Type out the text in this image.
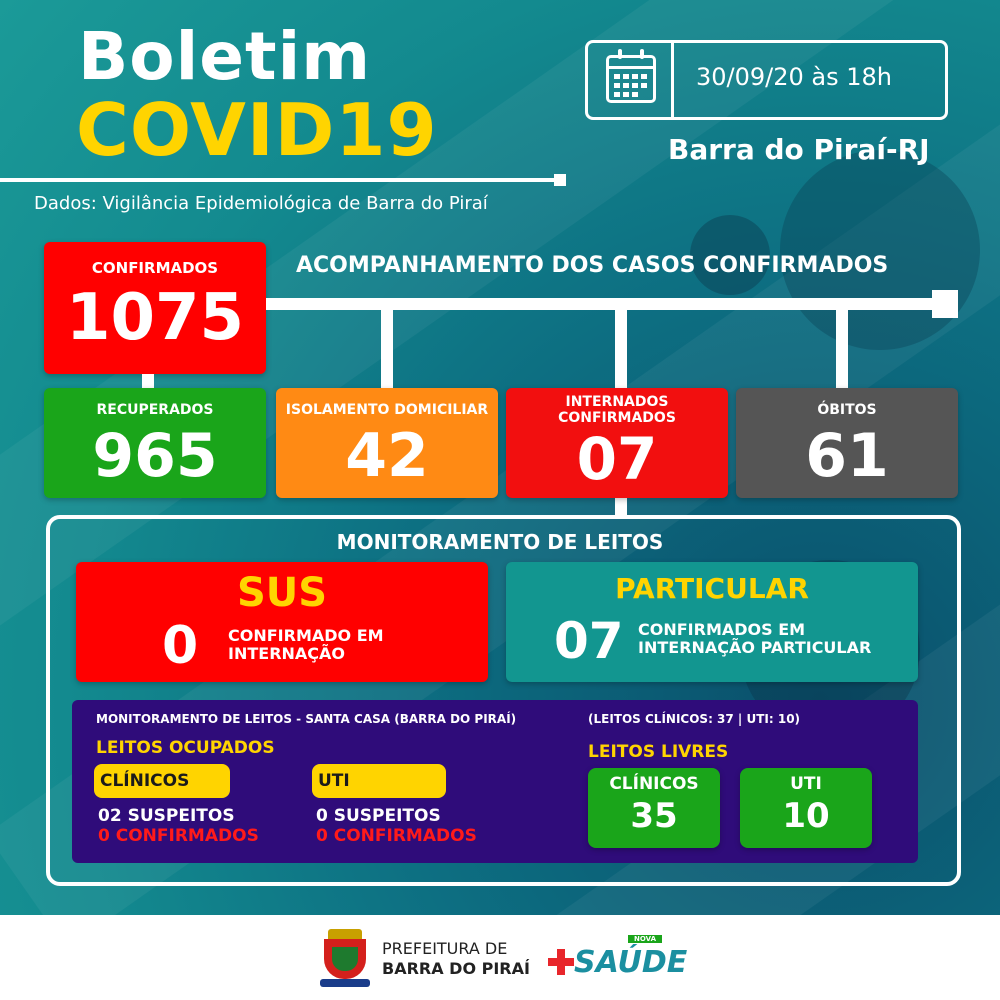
Boletim
COVID19
Dados: Vigilância Epidemiológica de Barra do Piraí
30/09/20 às 18h
Barra do Piraí-RJ
CONFIRMADOS
1075
ACOMPANHAMENTO DOS CASOS CONFIRMADOS
RECUPERADOS
965
ISOLAMENTO DOMICILIAR
42
INTERNADOS
CONFIRMADOS
07
ÓBITOS
61
MONITORAMENTO DE LEITOS
SUS
0 CONFIRMADO EM
INTERNAÇÃO
PARTICULAR
07 CONFIRMADOS EM
INTERNAÇÃO PARTICULAR
MONITORAMENTO DE LEITOS - SANTA CASA (BARRA DO PIRAÍ)	(LEITOS CLÍNICOS: 37 | UTI: 10)
LEITOS OCUPADOS
CLÍNICOS
02 SUSPEITOS
0 CONFIRMADOS
UTI
0 SUSPEITOS
0 CONFIRMADOS
LEITOS LIVRES
CLÍNICOS
35
UTI
10
PREFEITURA DE
BARRA DO PIRAÍ
NOVA
SAÚDE
